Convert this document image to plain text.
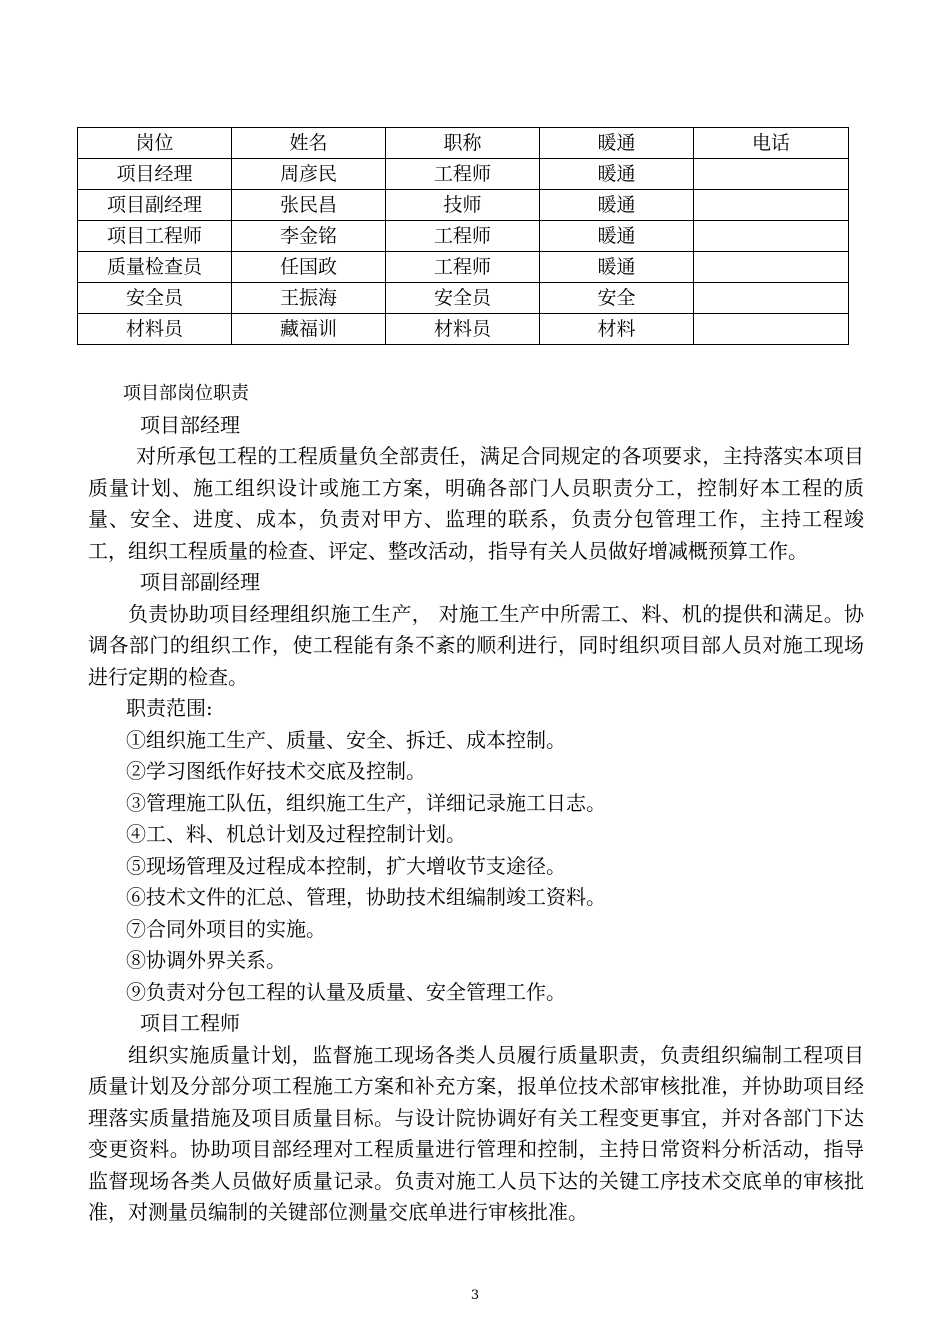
岗位	姓名	职称	暖通	电话
项目经理	周彦民	工程师	暖通	
项目副经理	张民昌	技师	暖通	
项目工程师	李金铭	工程师	暖通	
质量检查员	任国政	工程师	暖通	
安全员	王振海	安全员	安全	
材料员	藏福训	材料员	材料	

项目部岗位职责

项目部经理

对所承包工程的工程质量负全部责任，满足合同规定的各项要求，主持落实本项目质量计划、施工组织设计或施工方案，明确各部门人员职责分工，控制好本工程的质量、安全、进度、成本，负责对甲方、监理的联系，负责分包管理工作，主持工程竣工，组织工程质量的检查、评定、整改活动，指导有关人员做好增减概预算工作。

项目部副经理

负责协助项目经理组织施工生产， 对施工生产中所需工、料、机的提供和满足。协调各部门的组织工作，使工程能有条不紊的顺利进行，同时组织项目部人员对施工现场进行定期的检查。

职责范围:

①组织施工生产、质量、安全、拆迁、成本控制。

②学习图纸作好技术交底及控制。

③管理施工队伍，组织施工生产，详细记录施工日志。

④工、料、机总计划及过程控制计划。

⑤现场管理及过程成本控制，扩大增收节支途径。

⑥技术文件的汇总、管理，协助技术组编制竣工资料。

⑦合同外项目的实施。

⑧协调外界关系。

⑨负责对分包工程的认量及质量、安全管理工作。

项目工程师

组织实施质量计划，监督施工现场各类人员履行质量职责，负责组织编制工程项目质量计划及分部分项工程施工方案和补充方案，报单位技术部审核批准，并协助项目经理落实质量措施及项目质量目标。与设计院协调好有关工程变更事宜，并对各部门下达变更资料。协助项目部经理对工程质量进行管理和控制，主持日常资料分析活动，指导监督现场各类人员做好质量记录。负责对施工人员下达的关键工序技术交底单的审核批准，对测量员编制的关键部位测量交底单进行审核批准。

3
